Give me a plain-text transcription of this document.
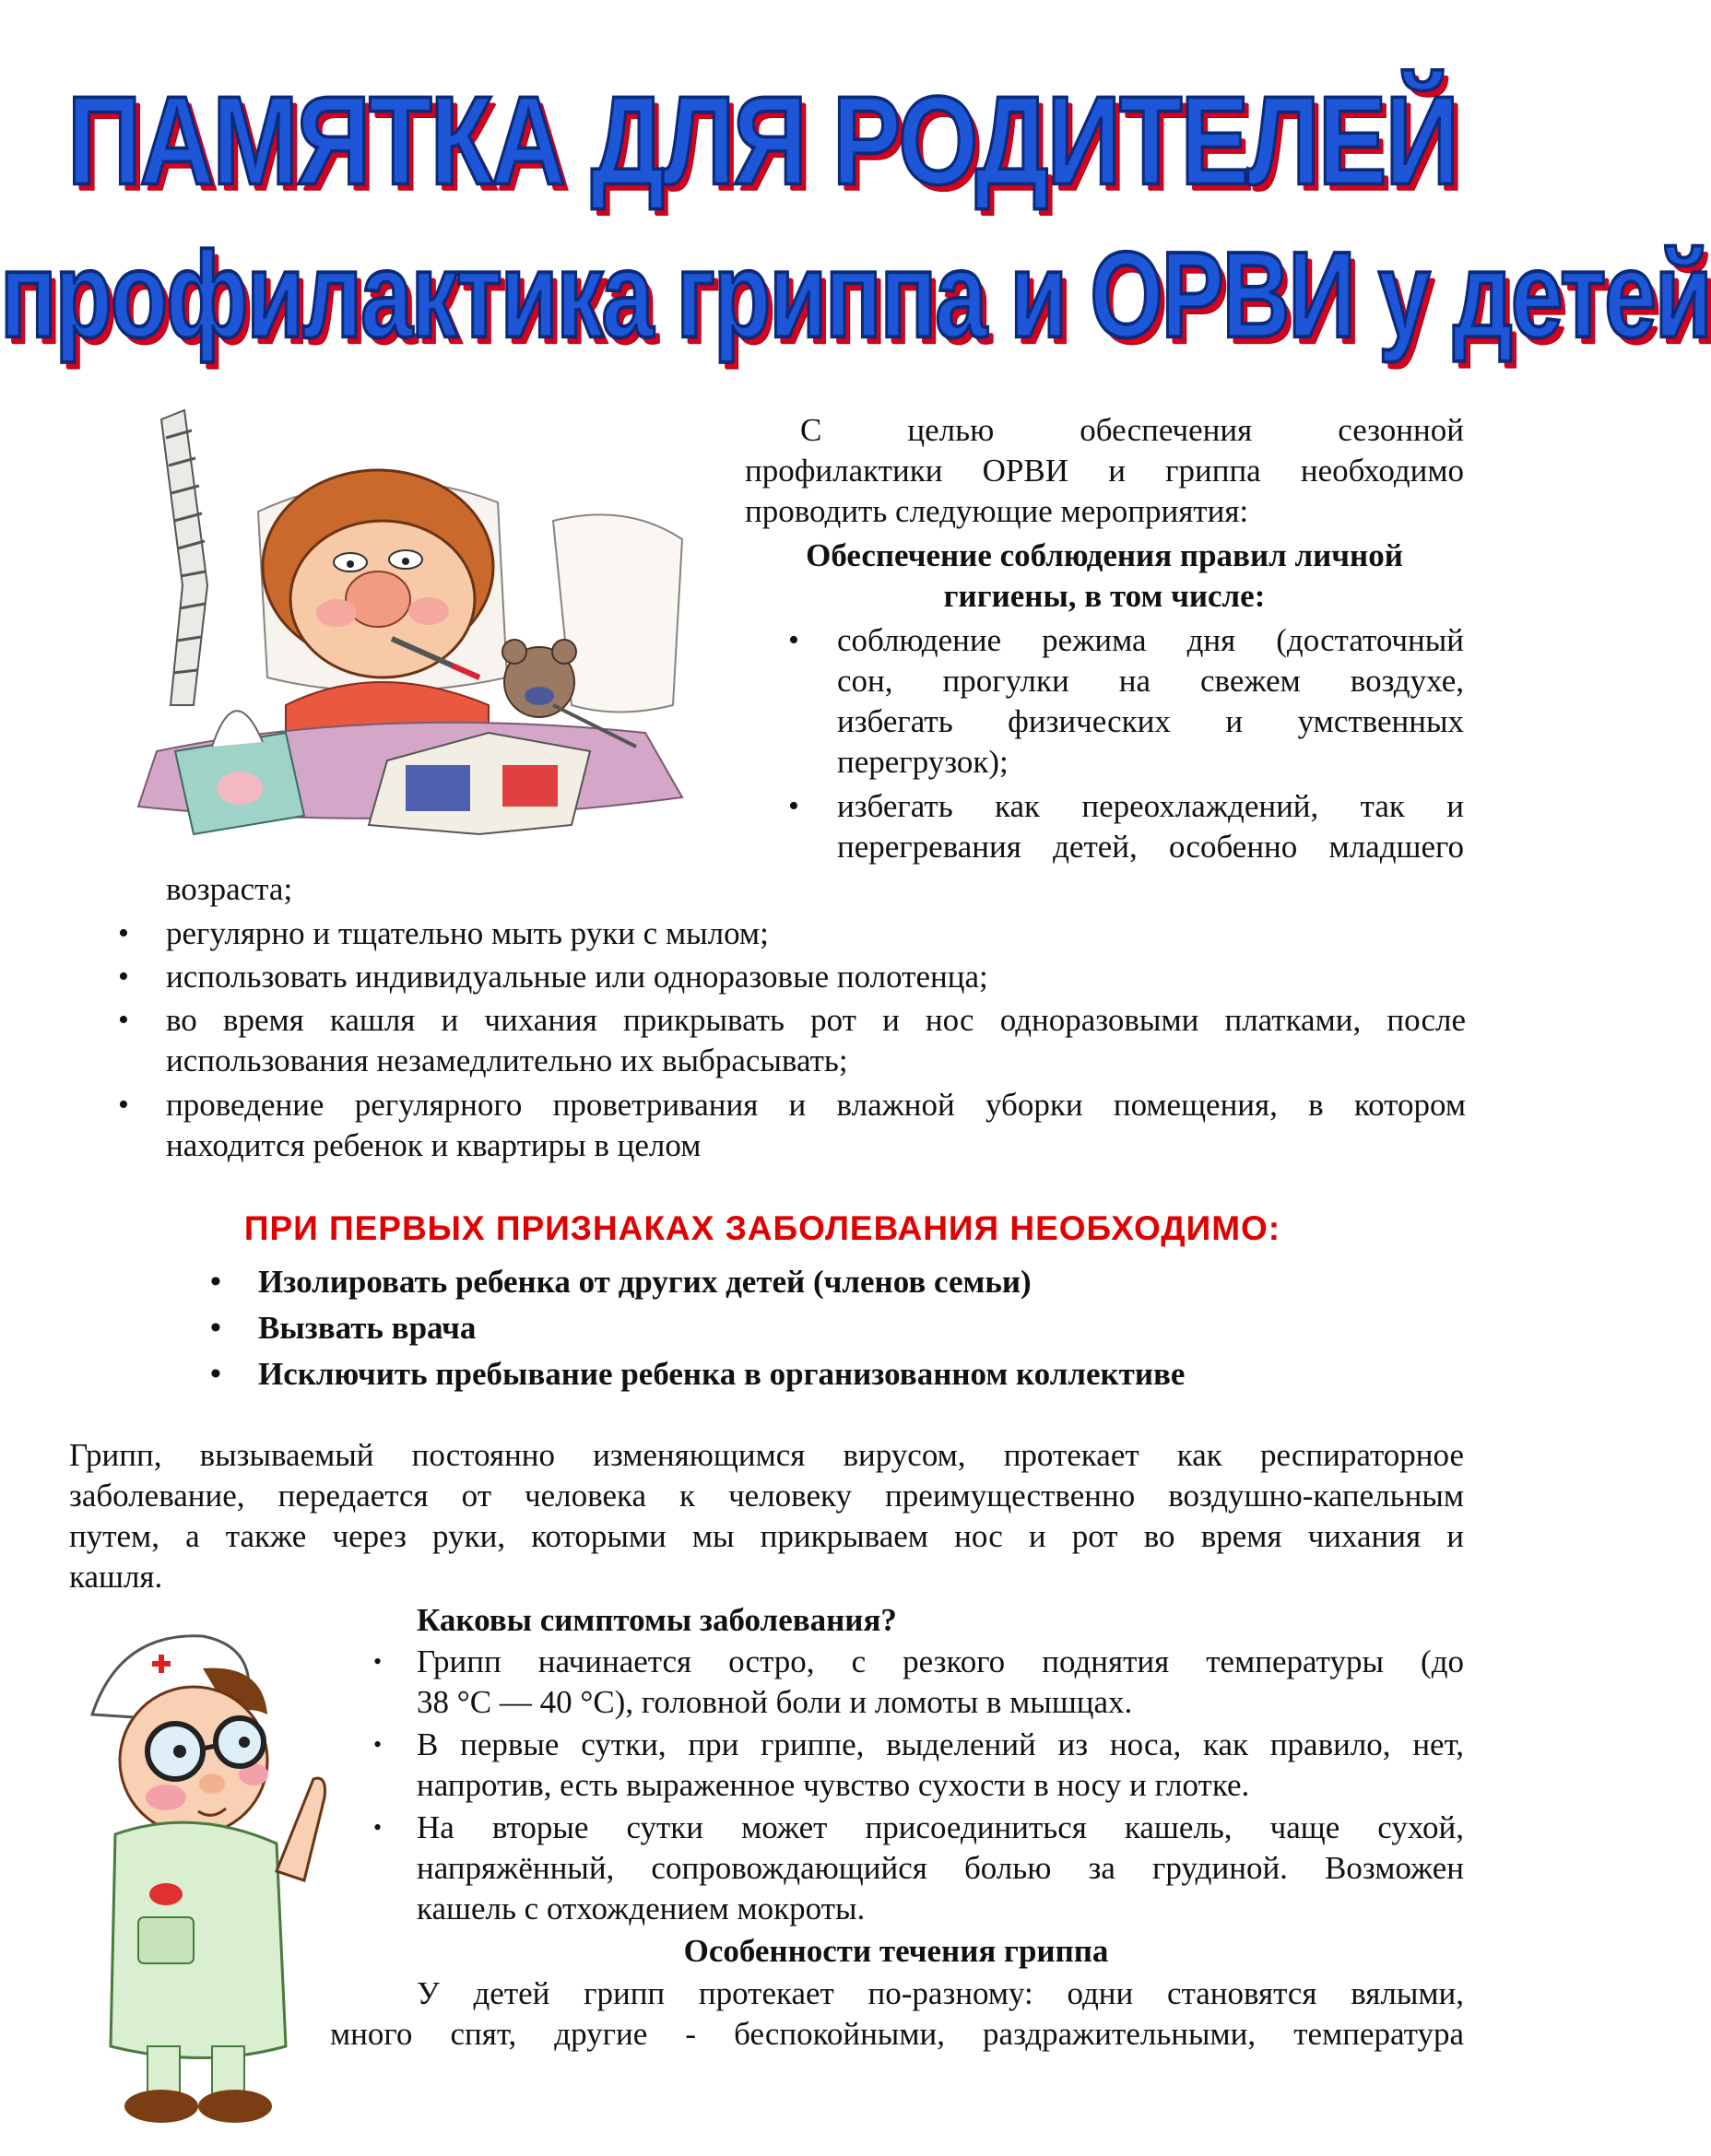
ПАМЯТКА ДЛЯ РОДИТЕЛЕЙ
профилактика гриппа и ОРВИ у детей
С целью обеспечения сезонной
профилактики ОРВИ и гриппа необходимо
проводить следующие мероприятия:
Обеспечение соблюдения правил личной
гигиены, в том числе:
• соблюдение режима дня (достаточный
сон, прогулки на свежем воздухе,
избегать физических и умственных
перегрузок);
• избегать как переохлаждений, так и
перегревания детей, особенно младшего
возраста;
• регулярно и тщательно мыть руки с мылом;
• использовать индивидуальные или одноразовые полотенца;
• во время кашля и чихания прикрывать рот и нос одноразовыми платками, после
использования незамедлительно их выбрасывать;
• проведение регулярного проветривания и влажной уборки помещения, в котором
находится ребенок и квартиры в целом
ПРИ ПЕРВЫХ ПРИЗНАКАХ ЗАБОЛЕВАНИЯ НЕОБХОДИМО:
• Изолировать ребенка от других детей (членов семьи)
• Вызвать врача
• Исключить пребывание ребенка в организованном коллективе
Грипп, вызываемый постоянно изменяющимся вирусом, протекает как респираторное
заболевание, передается от человека к человеку преимущественно воздушно-капельным
путем, а также через руки, которыми мы прикрываем нос и рот во время чихания и
кашля.
Каковы симптомы заболевания?
• Грипп начинается остро, с резкого поднятия температуры (до
38 °С — 40 °С), головной боли и ломоты в мышцах.
• В первые сутки, при гриппе, выделений из носа, как правило, нет,
напротив, есть выраженное чувство сухости в носу и глотке.
• На вторые сутки может присоединиться кашель, чаще сухой,
напряжённый, сопровождающийся болью за грудиной. Возможен
кашель с отхождением мокроты.
Особенности течения гриппа
У детей грипп протекает по-разному: одни становятся вялыми,
много спят, другие - беспокойными, раздражительными, температура
